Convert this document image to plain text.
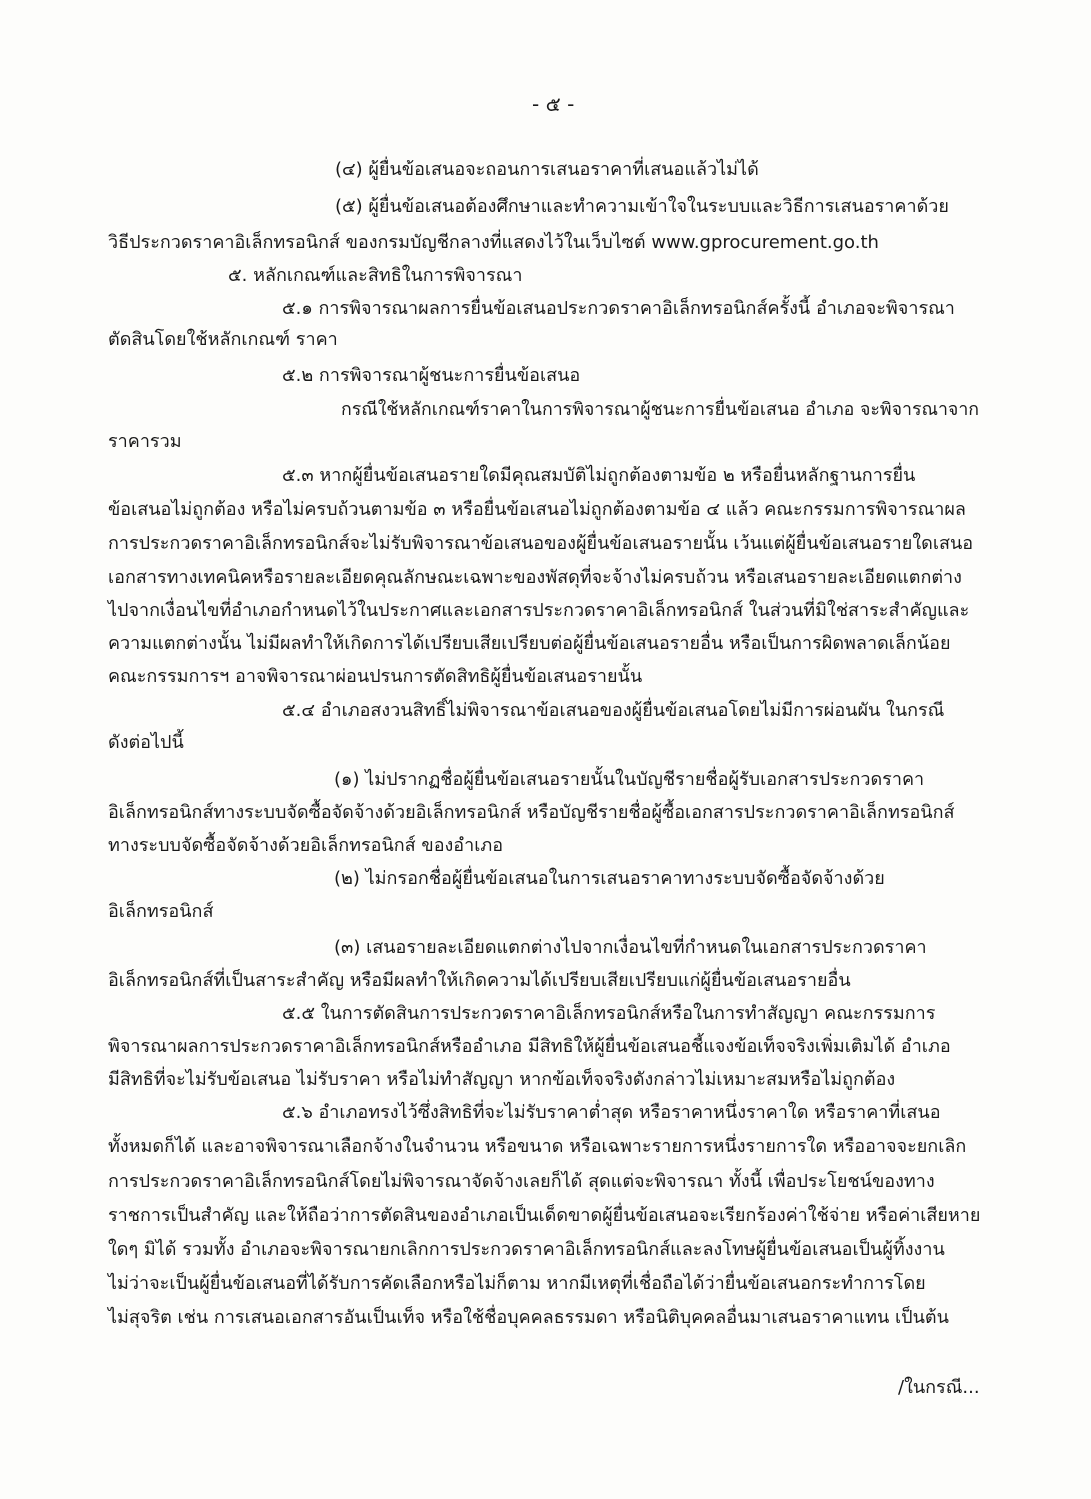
- ๕ -
(๔) ผู้ยื่นข้อเสนอจะถอนการเสนอราคาที่เสนอแล้วไม่ได้
(๕) ผู้ยื่นข้อเสนอต้องศึกษาและทำความเข้าใจในระบบและวิธีการเสนอราคาด้วย
วิธีประกวดราคาอิเล็กทรอนิกส์ ของกรมบัญชีกลางที่แสดงไว้ในเว็บไซต์ www.gprocurement.go.th
๕. หลักเกณฑ์และสิทธิในการพิจารณา
๕.๑ การพิจารณาผลการยื่นข้อเสนอประกวดราคาอิเล็กทรอนิกส์ครั้งนี้ อำเภอจะพิจารณา
ตัดสินโดยใช้หลักเกณฑ์ ราคา
๕.๒ การพิจารณาผู้ชนะการยื่นข้อเสนอ
กรณีใช้หลักเกณฑ์ราคาในการพิจารณาผู้ชนะการยื่นข้อเสนอ อำเภอ จะพิจารณาจาก
ราคารวม
๕.๓ หากผู้ยื่นข้อเสนอรายใดมีคุณสมบัติไม่ถูกต้องตามข้อ ๒ หรือยื่นหลักฐานการยื่น
ข้อเสนอไม่ถูกต้อง หรือไม่ครบถ้วนตามข้อ ๓ หรือยื่นข้อเสนอไม่ถูกต้องตามข้อ ๔ แล้ว คณะกรรมการพิจารณาผล
การประกวดราคาอิเล็กทรอนิกส์จะไม่รับพิจารณาข้อเสนอของผู้ยื่นข้อเสนอรายนั้น เว้นแต่ผู้ยื่นข้อเสนอรายใดเสนอ
เอกสารทางเทคนิคหรือรายละเอียดคุณลักษณะเฉพาะของพัสดุที่จะจ้างไม่ครบถ้วน หรือเสนอรายละเอียดแตกต่าง
ไปจากเงื่อนไขที่อำเภอกำหนดไว้ในประกาศและเอกสารประกวดราคาอิเล็กทรอนิกส์ ในส่วนที่มิใช่สาระสำคัญและ
ความแตกต่างนั้น ไม่มีผลทำให้เกิดการได้เปรียบเสียเปรียบต่อผู้ยื่นข้อเสนอรายอื่น หรือเป็นการผิดพลาดเล็กน้อย
คณะกรรมการฯ อาจพิจารณาผ่อนปรนการตัดสิทธิผู้ยื่นข้อเสนอรายนั้น
๕.๔ อำเภอสงวนสิทธิ์ไม่พิจารณาข้อเสนอของผู้ยื่นข้อเสนอโดยไม่มีการผ่อนผัน ในกรณี
ดังต่อไปนี้
(๑) ไม่ปรากฏชื่อผู้ยื่นข้อเสนอรายนั้นในบัญชีรายชื่อผู้รับเอกสารประกวดราคา
อิเล็กทรอนิกส์ทางระบบจัดซื้อจัดจ้างด้วยอิเล็กทรอนิกส์ หรือบัญชีรายชื่อผู้ซื้อเอกสารประกวดราคาอิเล็กทรอนิกส์
ทางระบบจัดซื้อจัดจ้างด้วยอิเล็กทรอนิกส์ ของอำเภอ
(๒) ไม่กรอกชื่อผู้ยื่นข้อเสนอในการเสนอราคาทางระบบจัดซื้อจัดจ้างด้วย
อิเล็กทรอนิกส์
(๓) เสนอรายละเอียดแตกต่างไปจากเงื่อนไขที่กำหนดในเอกสารประกวดราคา
อิเล็กทรอนิกส์ที่เป็นสาระสำคัญ หรือมีผลทำให้เกิดความได้เปรียบเสียเปรียบแก่ผู้ยื่นข้อเสนอรายอื่น
๕.๕ ในการตัดสินการประกวดราคาอิเล็กทรอนิกส์หรือในการทำสัญญา คณะกรรมการ
พิจารณาผลการประกวดราคาอิเล็กทรอนิกส์หรืออำเภอ มีสิทธิให้ผู้ยื่นข้อเสนอชี้แจงข้อเท็จจริงเพิ่มเติมได้ อำเภอ
มีสิทธิที่จะไม่รับข้อเสนอ ไม่รับราคา หรือไม่ทำสัญญา หากข้อเท็จจริงดังกล่าวไม่เหมาะสมหรือไม่ถูกต้อง
๕.๖ อำเภอทรงไว้ซึ่งสิทธิที่จะไม่รับราคาต่ำสุด หรือราคาหนึ่งราคาใด หรือราคาที่เสนอ
ทั้งหมดก็ได้ และอาจพิจารณาเลือกจ้างในจำนวน หรือขนาด หรือเฉพาะรายการหนึ่งรายการใด หรืออาจจะยกเลิก
การประกวดราคาอิเล็กทรอนิกส์โดยไม่พิจารณาจัดจ้างเลยก็ได้ สุดแต่จะพิจารณา ทั้งนี้ เพื่อประโยชน์ของทาง
ราชการเป็นสำคัญ และให้ถือว่าการตัดสินของอำเภอเป็นเด็ดขาดผู้ยื่นข้อเสนอจะเรียกร้องค่าใช้จ่าย หรือค่าเสียหาย
ใดๆ มิได้ รวมทั้ง อำเภอจะพิจารณายกเลิกการประกวดราคาอิเล็กทรอนิกส์และลงโทษผู้ยื่นข้อเสนอเป็นผู้ทิ้งงาน
ไม่ว่าจะเป็นผู้ยื่นข้อเสนอที่ได้รับการคัดเลือกหรือไม่ก็ตาม หากมีเหตุที่เชื่อถือได้ว่ายื่นข้อเสนอกระทำการโดย
ไม่สุจริต เช่น การเสนอเอกสารอันเป็นเท็จ หรือใช้ชื่อบุคคลธรรมดา หรือนิติบุคคลอื่นมาเสนอราคาแทน เป็นต้น
/ในกรณี...
